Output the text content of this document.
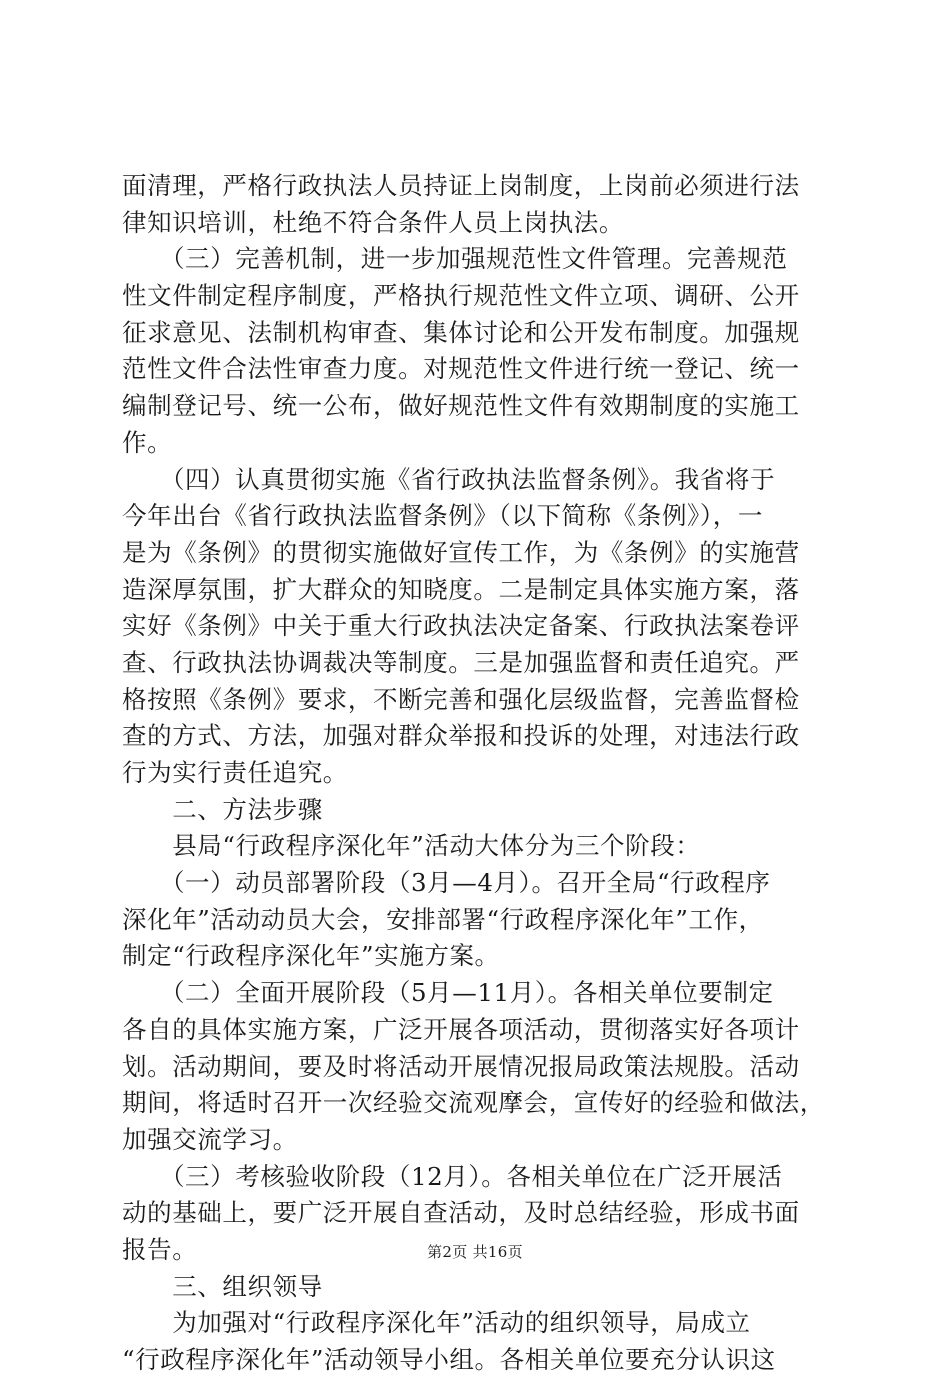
面清理，严格行政执法人员持证上岗制度，上岗前必须进行法
律知识培训，杜绝不符合条件人员上岗执法。
　　（三）完善机制，进一步加强规范性文件管理。完善规范
性文件制定程序制度，严格执行规范性文件立项、调研、公开
征求意见、法制机构审查、集体讨论和公开发布制度。加强规
范性文件合法性审查力度。对规范性文件进行统一登记、统一
编制登记号、统一公布，做好规范性文件有效期制度的实施工
作。
　　（四）认真贯彻实施《省行政执法监督条例》。我省将于
今年出台《省行政执法监督条例》（以下简称《条例》），一
是为《条例》的贯彻实施做好宣传工作，为《条例》的实施营
造深厚氛围，扩大群众的知晓度。二是制定具体实施方案，落
实好《条例》中关于重大行政执法决定备案、行政执法案卷评
查、行政执法协调裁决等制度。三是加强监督和责任追究。严
格按照《条例》要求，不断完善和强化层级监督，完善监督检
查的方式、方法，加强对群众举报和投诉的处理，对违法行政
行为实行责任追究。
　　二、方法步骤
　　县局“行政程序深化年”活动大体分为三个阶段：
　　（一）动员部署阶段（3月—4月）。召开全局“行政程序
深化年”活动动员大会，安排部署“行政程序深化年”工作，
制定“行政程序深化年”实施方案。
　　（二）全面开展阶段（5月—11月）。各相关单位要制定
各自的具体实施方案，广泛开展各项活动，贯彻落实好各项计
划。活动期间，要及时将活动开展情况报局政策法规股。活动
期间，将适时召开一次经验交流观摩会，宣传好的经验和做法，
加强交流学习。
　　（三）考核验收阶段（12月）。各相关单位在广泛开展活
动的基础上，要广泛开展自查活动，及时总结经验，形成书面
报告。
　　三、组织领导
　　为加强对“行政程序深化年”活动的组织领导，局成立
“行政程序深化年”活动领导小组。各相关单位要充分认识这
第2页 共16页
